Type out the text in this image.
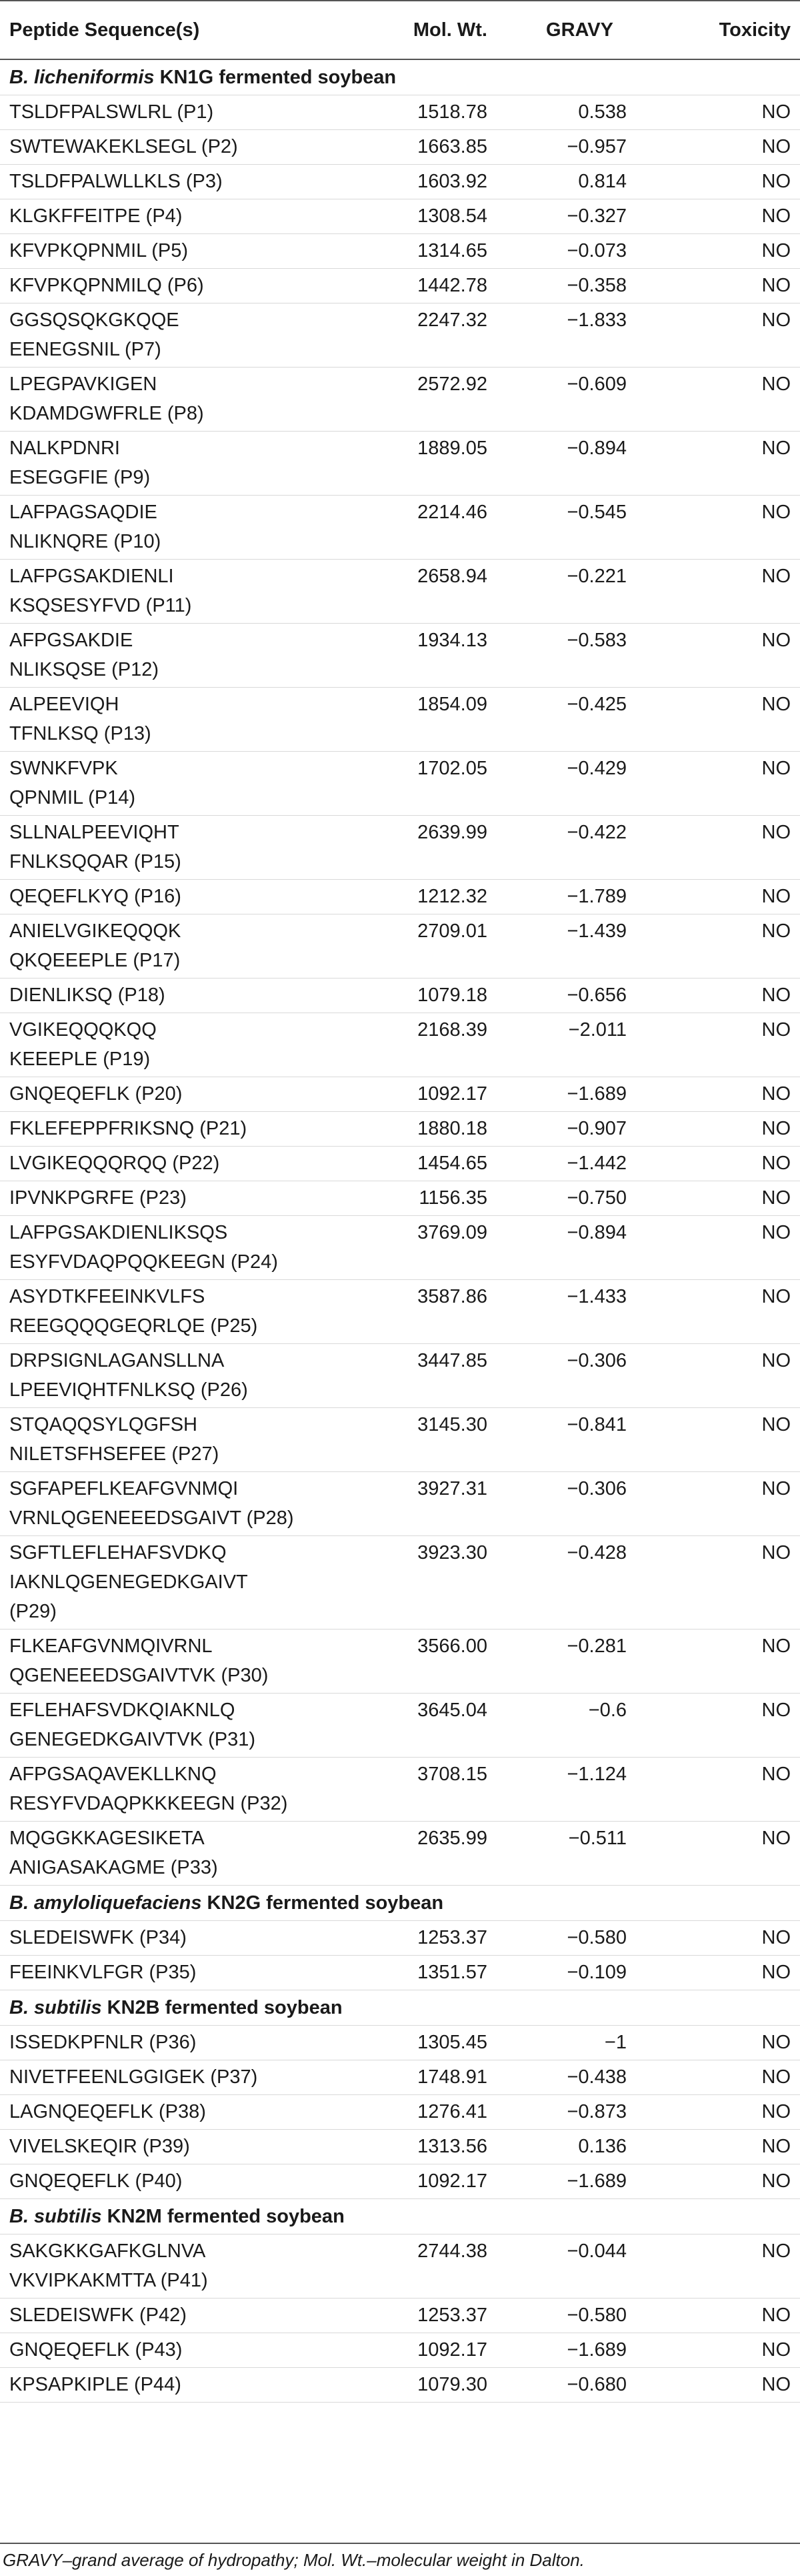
Peptide Sequence(s)	Mol. Wt.	GRAVY	Toxicity
B. licheniformis KN1G fermented soybean			

TSLDFPALSWLRL (P1)	1518.78	0.538	NO

SWTEWAKEKLSEGL (P2)	1663.85	−0.957	NO

TSLDFPALWLLKLS (P3)	1603.92	0.814	NO

KLGKFFEITPE (P4)	1308.54	−0.327	NO

KFVPKQPNMIL (P5)	1314.65	−0.073	NO

KFVPKQPNMILQ (P6)	1442.78	−0.358	NO

GGSQSQKGKQQE
EENEGSNIL (P7)	2247.32	−1.833	NO

LPEGPAVKIGEN
KDAMDGWFRLE (P8)	2572.92	−0.609	NO

NALKPDNRI
ESEGGFIE (P9)	1889.05	−0.894	NO

LAFPAGSAQDIE
NLIKNQRE (P10)	2214.46	−0.545	NO

LAFPGSAKDIENLI
KSQSESYFVD (P11)	2658.94	−0.221	NO

AFPGSAKDIE
NLIKSQSE (P12)	1934.13	−0.583	NO

ALPEEVIQH
TFNLKSQ (P13)	1854.09	−0.425	NO

SWNKFVPK
QPNMIL (P14)	1702.05	−0.429	NO

SLLNALPEEVIQHT
FNLKSQQAR (P15)	2639.99	−0.422	NO

QEQEFLKYQ (P16)	1212.32	−1.789	NO

ANIELVGIKEQQQK
QKQEEEPLE (P17)	2709.01	−1.439	NO

DIENLIKSQ (P18)	1079.18	−0.656	NO

VGIKEQQQKQQ
KEEEPLE (P19)	2168.39	−2.011	NO

GNQEQEFLK (P20)	1092.17	−1.689	NO

FKLEFEPPFRIKSNQ (P21)	1880.18	−0.907	NO

LVGIKEQQQRQQ (P22)	1454.65	−1.442	NO

IPVNKPGRFE (P23)	1156.35	−0.750	NO

LAFPGSAKDIENLIKSQS
ESYFVDAQPQQKEEGN (P24)	3769.09	−0.894	NO

ASYDTKFEEINKVLFS
REEGQQQGEQRLQE (P25)	3587.86	−1.433	NO

DRPSIGNLAGANSLLNA
LPEEVIQHTFNLKSQ (P26)	3447.85	−0.306	NO

STQAQQSYLQGFSH
NILETSFHSEFEE (P27)	3145.30	−0.841	NO

SGFAPEFLKEAFGVNMQI
VRNLQGENEEEDSGAIVT (P28)	3927.31	−0.306	NO

SGFTLEFLEHAFSVDKQ
IAKNLQGENEGEDKGAIVT
(P29)	3923.30	−0.428	NO

FLKEAFGVNMQIVRNL
QGENEEEDSGAIVTVK (P30)	3566.00	−0.281	NO

EFLEHAFSVDKQIAKNLQ
GENEGEDKGAIVTVK (P31)	3645.04	−0.6	NO

AFPGSAQAVEKLLKNQ
RESYFVDAQPKKKEEGN (P32)	3708.15	−1.124	NO

MQGGKKAGESIKETA
ANIGASAKAGME (P33)	2635.99	−0.511	NO
B. amyloliquefaciens KN2G fermented soybean			

SLEDEISWFK (P34)	1253.37	−0.580	NO

FEEINKVLFGR (P35)	1351.57	−0.109	NO
B. subtilis KN2B fermented soybean			

ISSEDKPFNLR (P36)	1305.45	−1	NO

NIVETFEENLGGIGEK (P37)	1748.91	−0.438	NO

LAGNQEQEFLK (P38)	1276.41	−0.873	NO

VIVELSKEQIR (P39)	1313.56	0.136	NO

GNQEQEFLK (P40)	1092.17	−1.689	NO
B. subtilis KN2M fermented soybean			

SAKGKKGAFKGLNVA
VKVIPKAKMTTA (P41)	2744.38	−0.044	NO

SLEDEISWFK (P42)	1253.37	−0.580	NO

GNQEQEFLK (P43)	1092.17	−1.689	NO

KPSAPKIPLE (P44)	1079.30	−0.680	NO
GRAVY–grand average of hydropathy; Mol. Wt.–molecular weight in Dalton.
